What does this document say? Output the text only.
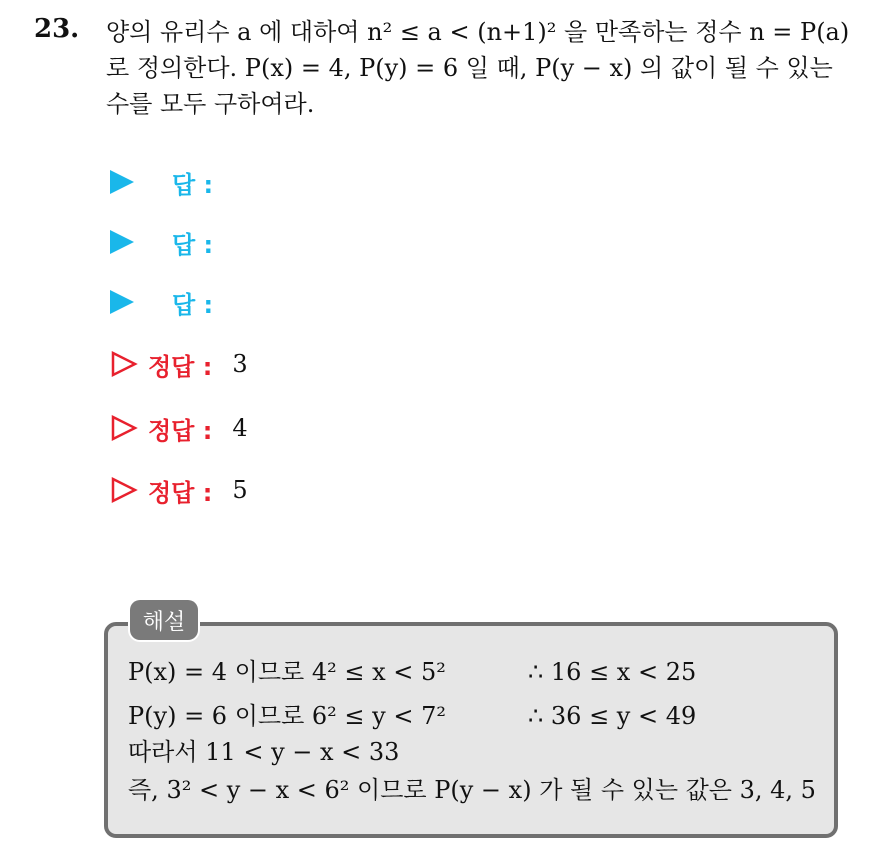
23. 양의 유리수 a 에 대하여 n² ≤ a < (n+1)² 을 만족하는 정수 n = P(a)
로 정의한다. P(x) = 4, P(y) = 6 일 때, P(y − x) 의 값이 될 수 있는
수를 모두 구하여라.
답 :
답 :
답 :
정답 : 3
정답 : 4
정답 : 5
해설
P(x) = 4 이므로 4² ≤ x < 5²	∴ 16 ≤ x < 25
P(y) = 6 이므로 6² ≤ y < 7²	∴ 36 ≤ y < 49
따라서 11 < y − x < 33
즉, 3² < y − x < 6² 이므로 P(y − x) 가 될 수 있는 값은 3, 4, 5
